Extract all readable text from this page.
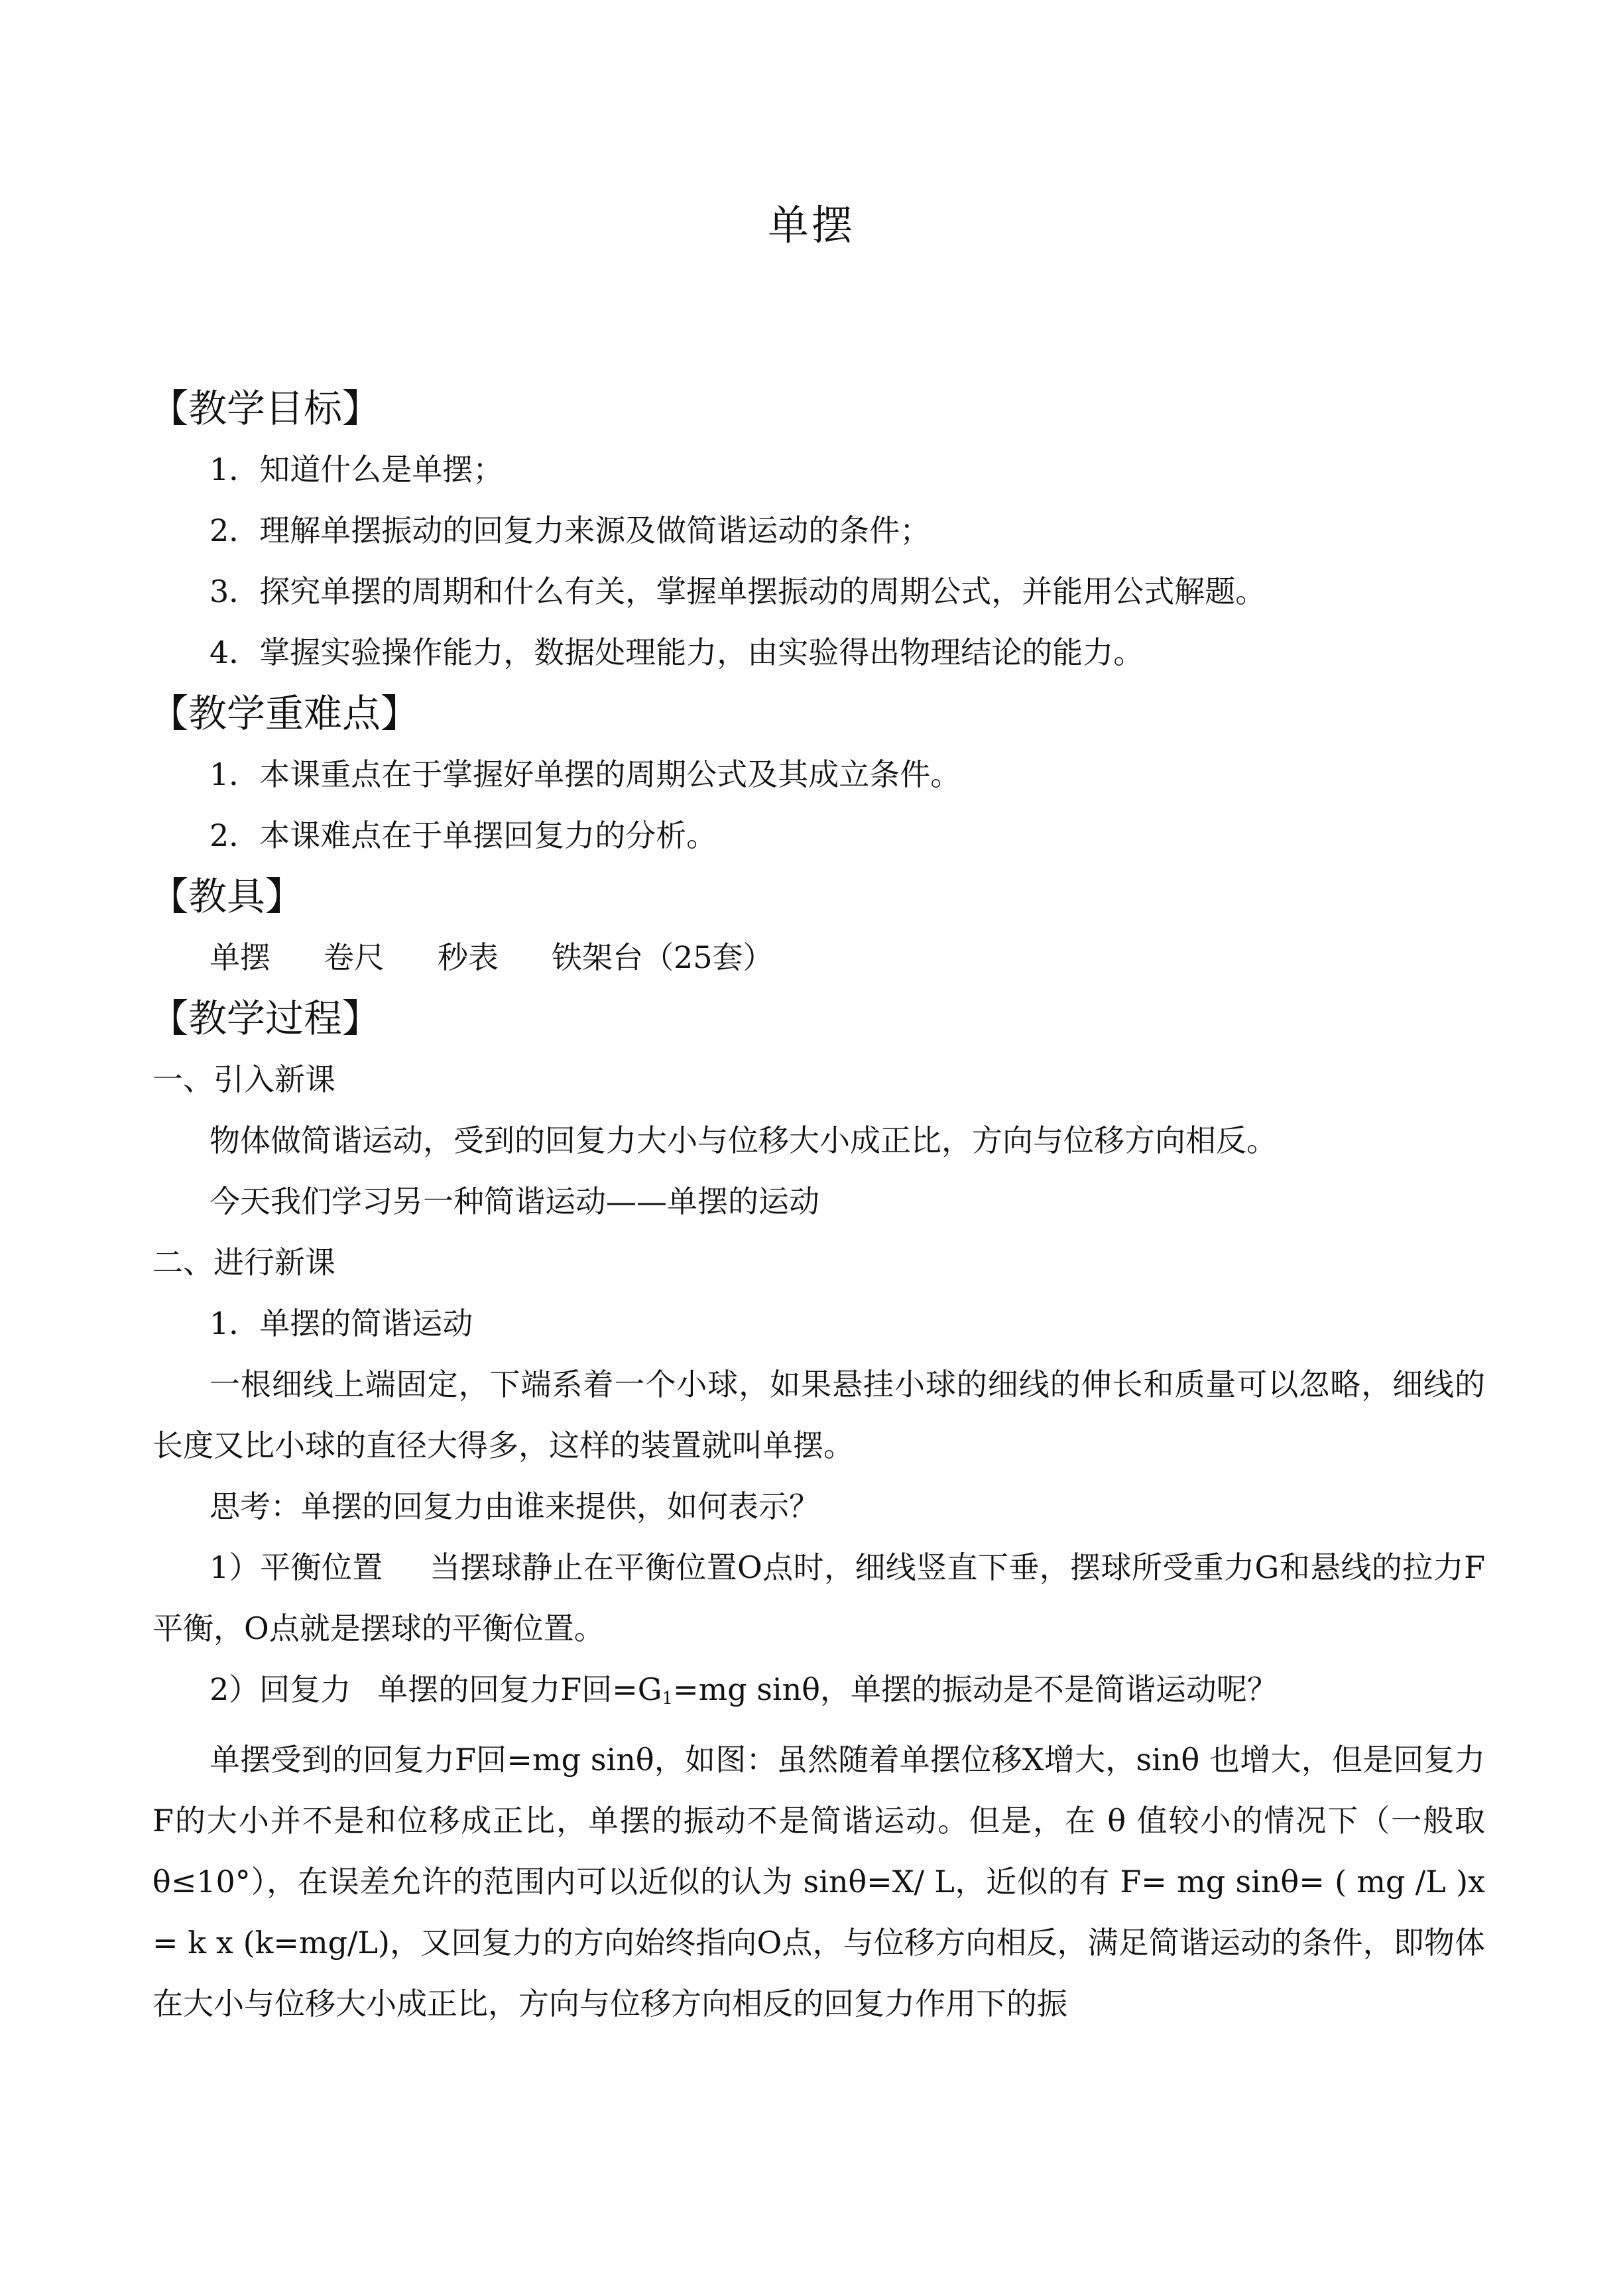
单摆
【教学目标】
1．知道什么是单摆；
2．理解单摆振动的回复力来源及做简谐运动的条件；
3．探究单摆的周期和什么有关，掌握单摆振动的周期公式，并能用公式解题。
4．掌握实验操作能力，数据处理能力，由实验得出物理结论的能力。
【教学重难点】
1．本课重点在于掌握好单摆的周期公式及其成立条件。
2．本课难点在于单摆回复力的分析。
【教具】
单摆 卷尺 秒表 铁架台（25套）
【教学过程】
一、引入新课
物体做简谐运动，受到的回复力大小与位移大小成正比，方向与位移方向相反。
今天我们学习另一种简谐运动——单摆的运动
二、进行新课
1．单摆的简谐运动
一根细线上端固定，下端系着一个小球，如果悬挂小球的细线的伸长和质量可以忽略，细线的长度又比小球的直径大得多，这样的装置就叫单摆。
思考：单摆的回复力由谁来提供，如何表示？
1）平衡位置 当摆球静止在平衡位置O点时，细线竖直下垂，摆球所受重力G和悬线的拉力F平衡，O点就是摆球的平衡位置。
2）回复力 单摆的回复力F回$=G_1=mg$ sinθ，单摆的振动是不是简谐运动呢？
单摆受到的回复力F回=mg sinθ，如图：虽然随着单摆位移X增大，sinθ 也增大，但是回复力F的大小并不是和位移成正比，单摆的振动不是简谐运动。但是，在 θ 值较小的情况下（一般取 θ≤10°），在误差允许的范围内可以近似的认为 sinθ=X/ L，近似的有 F= mg sinθ= ( mg /L )x = k x (k=mg/L)，又回复力的方向始终指向O点，与位移方向相反，满足简谐运动的条件，即物体在大小与位移大小成正比，方向与位移方向相反的回复力作用下的振
